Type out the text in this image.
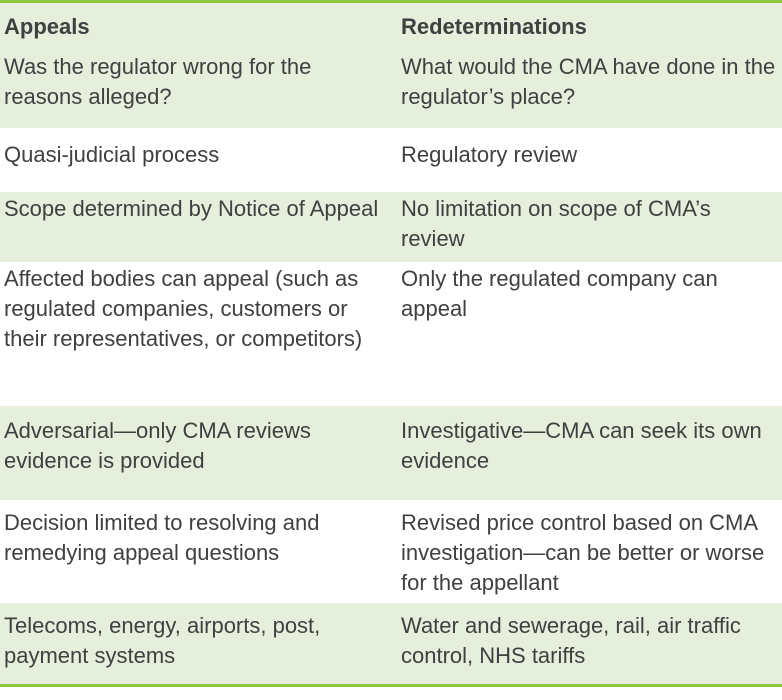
Appeals	Redeterminations
Was the regulator wrong for the reasons alleged?	What would the CMA have done in the regulator’s place?
Quasi-judicial process	Regulatory review
Scope determined by Notice of Appeal	No limitation on scope of CMA’s review
Affected bodies can appeal (such as regulated companies, customers or their representatives, or competitors)	Only the regulated company can appeal
Adversarial—only CMA reviews evidence is provided	Investigative—CMA can seek its own evidence
Decision limited to resolving and remedying appeal questions	Revised price control based on CMA investigation—can be better or worse for the appellant
Telecoms, energy, airports, post, payment systems	Water and sewerage, rail, air traffic control, NHS tariffs
